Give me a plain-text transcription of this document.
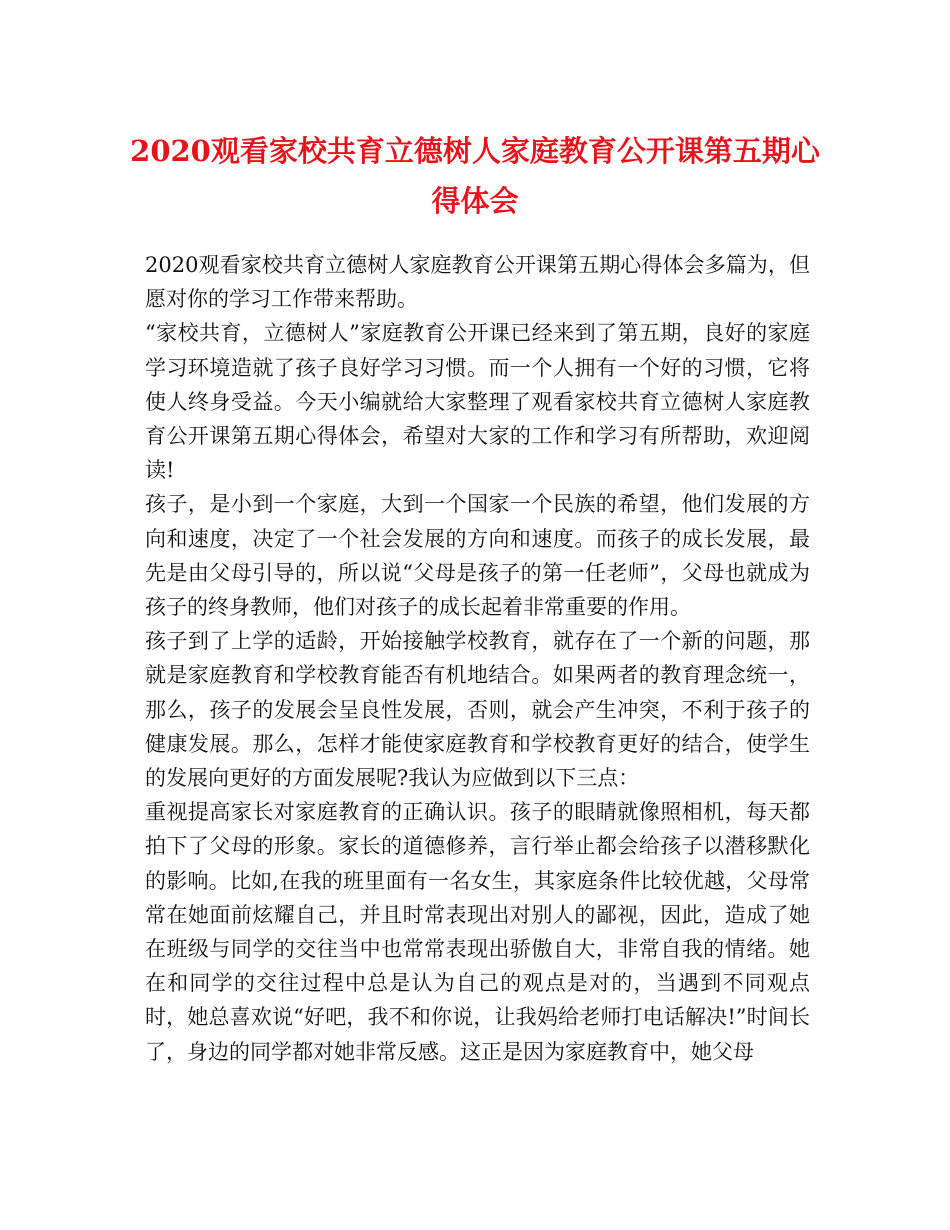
2020观看家校共育立德树人家庭教育公开课第五期心得体会

2020观看家校共育立德树人家庭教育公开课第五期心得体会多篇为，但愿对你的学习工作带来帮助。

“家校共育，立德树人”家庭教育公开课已经来到了第五期，良好的家庭学习环境造就了孩子良好学习习惯。而一个人拥有一个好的习惯，它将使人终身受益。今天小编就给大家整理了观看家校共育立德树人家庭教育公开课第五期心得体会，希望对大家的工作和学习有所帮助，欢迎阅读!

孩子，是小到一个家庭，大到一个国家一个民族的希望，他们发展的方向和速度，决定了一个社会发展的方向和速度。而孩子的成长发展，最先是由父母引导的，所以说“父母是孩子的第一任老师”，父母也就成为孩子的终身教师，他们对孩子的成长起着非常重要的作用。

孩子到了上学的适龄，开始接触学校教育，就存在了一个新的问题，那就是家庭教育和学校教育能否有机地结合。如果两者的教育理念统一，那么，孩子的发展会呈良性发展，否则，就会产生冲突，不利于孩子的健康发展。那么，怎样才能使家庭教育和学校教育更好的结合，使学生的发展向更好的方面发展呢?我认为应做到以下三点：

重视提高家长对家庭教育的正确认识。孩子的眼睛就像照相机，每天都拍下了父母的形象。家长的道德修养，言行举止都会给孩子以潜移默化的影响。比如,在我的班里面有一名女生，其家庭条件比较优越，父母常常在她面前炫耀自己，并且时常表现出对别人的鄙视，因此，造成了她在班级与同学的交往当中也常常表现出骄傲自大，非常自我的情绪。她在和同学的交往过程中总是认为自己的观点是对的，当遇到不同观点时，她总喜欢说“好吧，我不和你说，让我妈给老师打电话解决!”时间长了，身边的同学都对她非常反感。这正是因为家庭教育中，她父母
